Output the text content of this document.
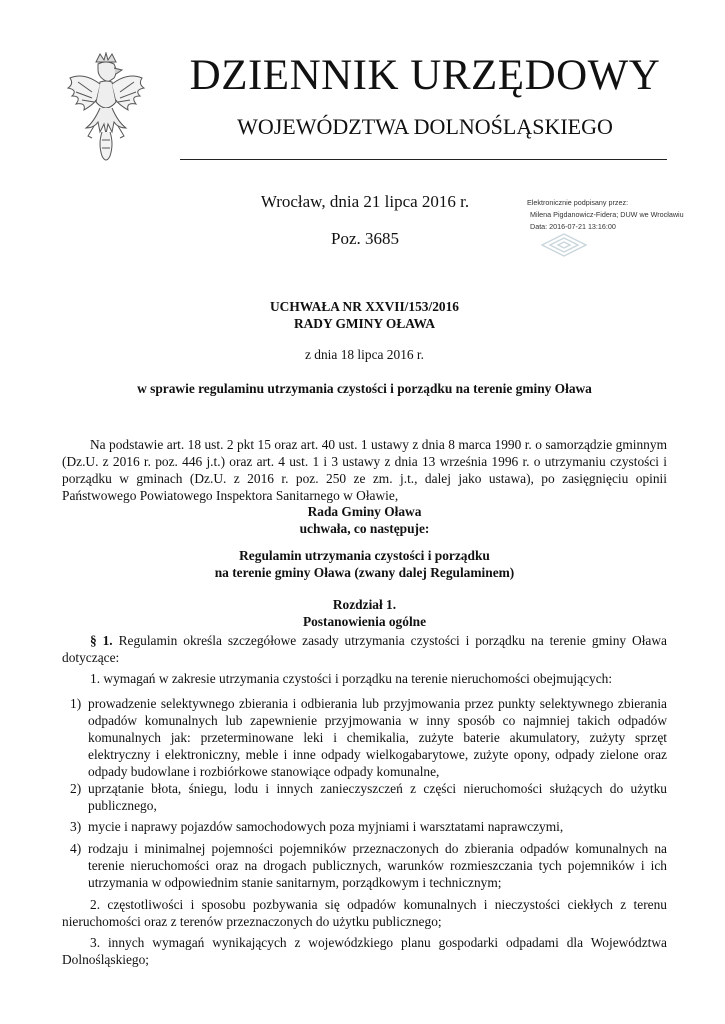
DZIENNIK URZĘDOWY
WOJEWÓDZTWA DOLNOŚLĄSKIEGO
Wrocław, dnia 21 lipca 2016 r.
Poz. 3685
Elektronicznie podpisany przez:
Milena Pigdanowicz-Fidera; DUW we Wrocławiu
Data: 2016-07-21 13:16:00
UCHWAŁA NR XXVII/153/2016
RADY GMINY OŁAWA
z dnia 18 lipca 2016 r.
w sprawie regulaminu utrzymania czystości i porządku na terenie gminy Oława
Na podstawie art. 18 ust. 2 pkt 15 oraz art. 40 ust. 1 ustawy z dnia 8 marca 1990 r. o samorządzie gminnym (Dz.U. z 2016 r. poz. 446 j.t.) oraz art. 4 ust. 1 i 3 ustawy z dnia 13 września 1996 r. o utrzymaniu czystości i porządku w gminach (Dz.U. z 2016 r. poz. 250 ze zm. j.t., dalej jako ustawa), po zasięgnięciu opinii Państwowego Powiatowego Inspektora Sanitarnego w Oławie,
Rada Gminy Oława
uchwała, co następuje:
Regulamin utrzymania czystości i porządku
na terenie gminy Oława (zwany dalej Regulaminem)
Rozdział 1.
Postanowienia ogólne
§ 1. Regulamin określa szczegółowe zasady utrzymania czystości i porządku na terenie gminy Oława dotyczące:
1. wymagań w zakresie utrzymania czystości i porządku na terenie nieruchomości obejmujących:
1) prowadzenie selektywnego zbierania i odbierania lub przyjmowania przez punkty selektywnego zbierania odpadów komunalnych lub zapewnienie przyjmowania w inny sposób co najmniej takich odpadów komunalnych jak: przeterminowane leki i chemikalia, zużyte baterie akumulatory, zużyty sprzęt elektryczny i elektroniczny, meble i inne odpady wielkogabarytowe, zużyte opony, odpady zielone oraz odpady budowlane i rozbiórkowe stanowiące odpady komunalne,
2) uprzątanie błota, śniegu, lodu i innych zanieczyszczeń z części nieruchomości służących do użytku publicznego,
3) mycie i naprawy pojazdów samochodowych poza myjniami i warsztatami naprawczymi,
4) rodzaju i minimalnej pojemności pojemników przeznaczonych do zbierania odpadów komunalnych na terenie nieruchomości oraz na drogach publicznych, warunków rozmieszczania tych pojemników i ich utrzymania w odpowiednim stanie sanitarnym, porządkowym i technicznym;
2. częstotliwości i sposobu pozbywania się odpadów komunalnych i nieczystości ciekłych z terenu nieruchomości oraz z terenów przeznaczonych do użytku publicznego;
3. innych wymagań wynikających z wojewódzkiego planu gospodarki odpadami dla Województwa Dolnośląskiego;
